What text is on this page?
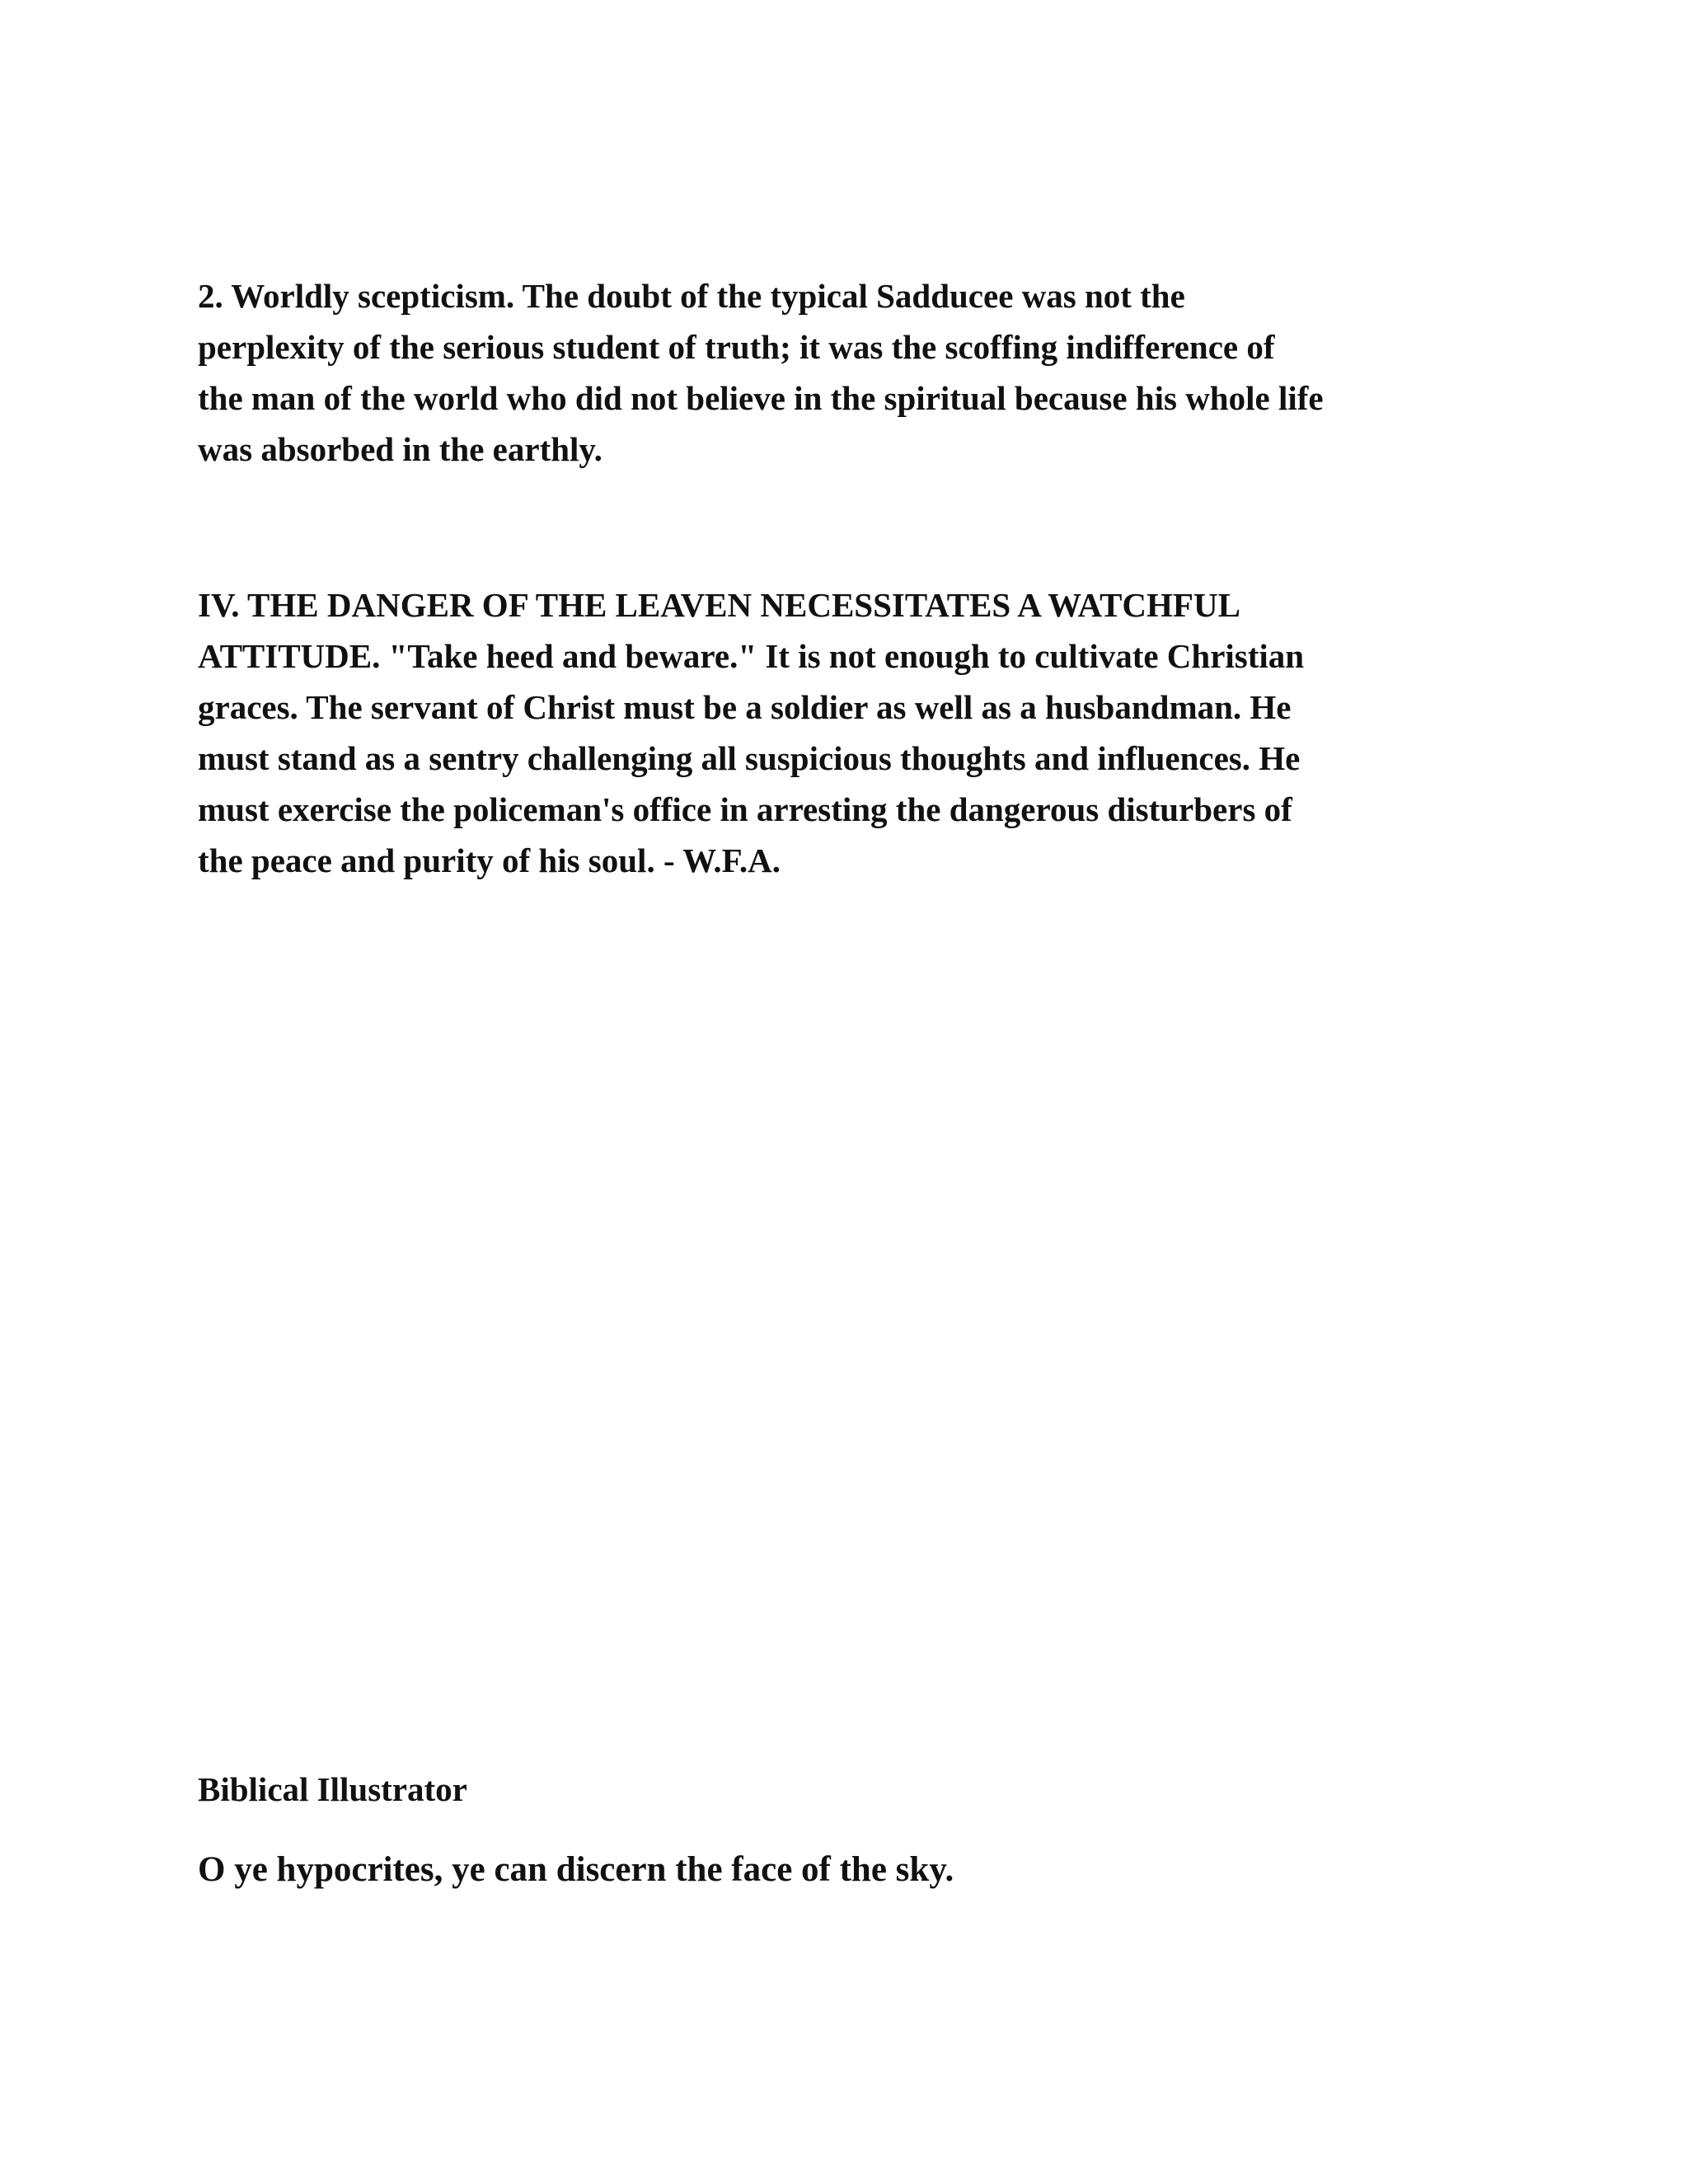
2. Worldly scepticism. The doubt of the typical Sadducee was not the
perplexity of the serious student of truth; it was the scoffing indifference of
the man of the world who did not believe in the spiritual because his whole life
was absorbed in the earthly.

IV. THE DANGER OF THE LEAVEN NECESSITATES A WATCHFUL
ATTITUDE. "Take heed and beware." It is not enough to cultivate Christian
graces. The servant of Christ must be a soldier as well as a husbandman. He
must stand as a sentry challenging all suspicious thoughts and influences. He
must exercise the policeman's office in arresting the dangerous disturbers of
the peace and purity of his soul. - W.F.A.

Biblical Illustrator

O ye hypocrites, ye can discern the face of the sky.
